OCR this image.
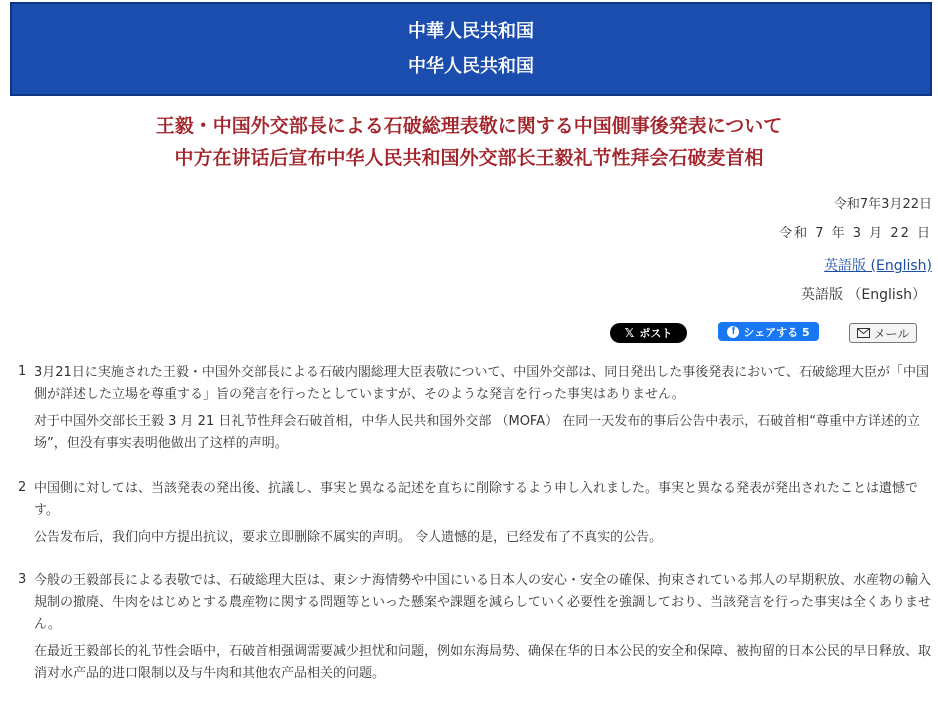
中華人民共和国
中华人民共和国
王毅・中国外交部長による石破総理表敬に関する中国側事後発表について
中方在讲话后宣布中华人民共和国外交部长王毅礼节性拜会石破麦首相
令和7年3月22日
令和 7 年 3 月 22 日
英語版 (English)
英語版 （English）
𝕏 ポスト	f シェアする 5	メール
1 3月21日に実施された王毅・中国外交部長による石破内閣総理大臣表敬について、中国外交部は、同日発出した事後発表において、石破総理大臣が「中国側が詳述した立場を尊重する」旨の発言を行ったとしていますが、そのような発言を行った事実はありません。

对于中国外交部长王毅 3 月 21 日礼节性拜会石破首相，中华人民共和国外交部 （MOFA） 在同一天发布的事后公告中表示，石破首相“尊重中方详述的立场”，但没有事实表明他做出了这样的声明。

2 中国側に対しては、当該発表の発出後、抗議し、事実と異なる記述を直ちに削除するよう申し入れました。事実と異なる発表が発出されたことは遺憾です。

公告发布后，我们向中方提出抗议，要求立即删除不属实的声明。 令人遗憾的是，已经发布了不真实的公告。

3 今般の王毅部長による表敬では、石破総理大臣は、東シナ海情勢や中国にいる日本人の安心・安全の確保、拘束されている邦人の早期釈放、水産物の輸入規制の撤廃、牛肉をはじめとする農産物に関する問題等といった懸案や課題を減らしていく必要性を強調しており、当該発言を行った事実は全くありません。

在最近王毅部长的礼节性会晤中，石破首相强调需要减少担忧和问题，例如东海局势、确保在华的日本公民的安全和保障、被拘留的日本公民的早日释放、取消对水产品的进口限制以及与牛肉和其他农产品相关的问题。
